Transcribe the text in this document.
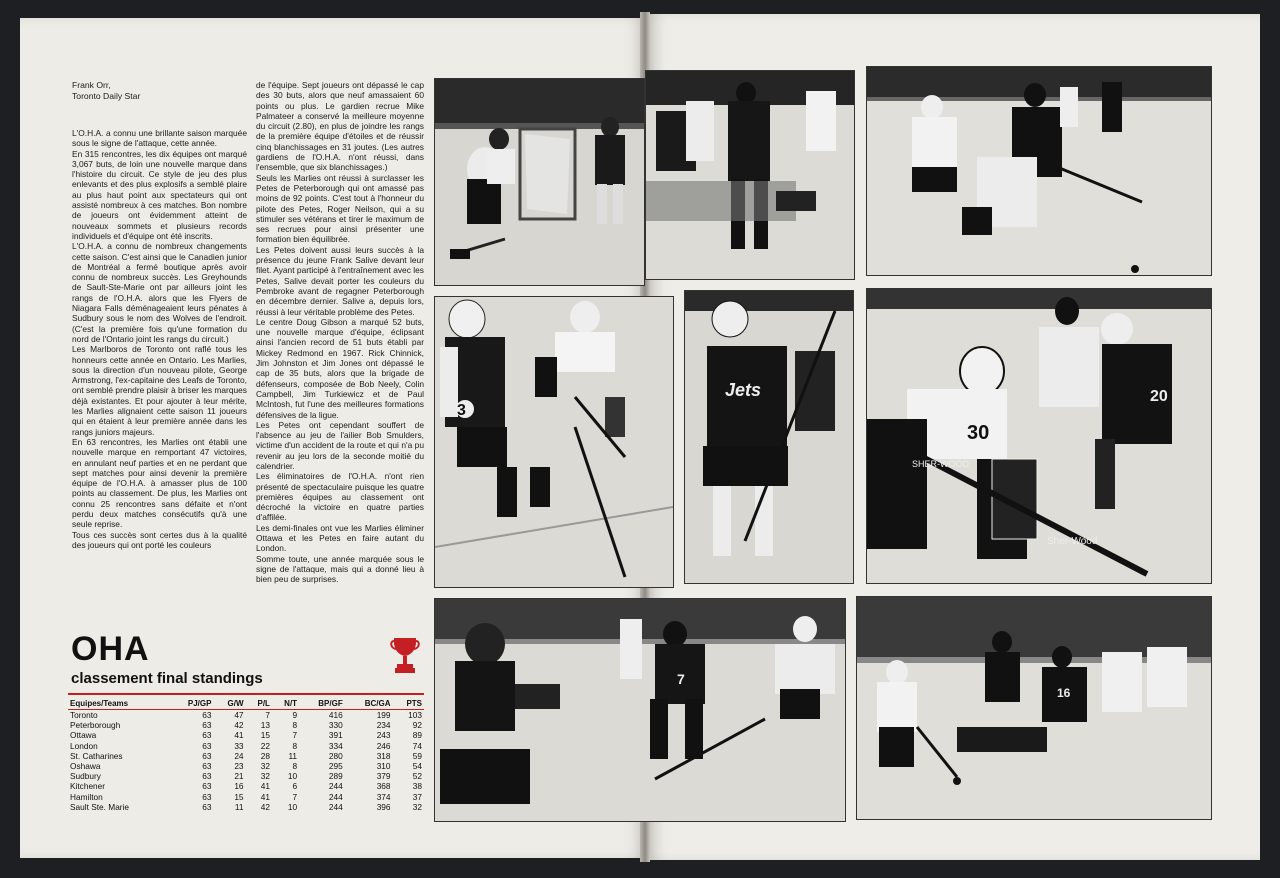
Frank Orr,
Toronto Daily Star

L'O.H.A. a connu une brillante saison marquée sous le signe de l'attaque, cette année.

En 315 rencontres, les dix équipes ont marqué 3,067 buts, de loin une nouvelle marque dans l'histoire du circuit. Ce style de jeu des plus enlevants et des plus explosifs a semblé plaire au plus haut point aux spectateurs qui ont assisté nombreux à ces matches. Bon nombre de joueurs ont évidemment atteint de nouveaux sommets et plusieurs records individuels et d'équipe ont été inscrits.

L'O.H.A. a connu de nombreux changements cette saison. C'est ainsi que le Canadien junior de Montréal a fermé boutique après avoir connu de nombreux succès. Les Greyhounds de Sault-Ste-Marie ont par ailleurs joint les rangs de l'O.H.A. alors que les Flyers de Niagara Falls déménageaient leurs pénates à Sudbury sous le nom des Wolves de l'endroit. (C'est la première fois qu'une formation du nord de l'Ontario joint les rangs du circuit.)

Les Marlboros de Toronto ont raflé tous les honneurs cette année en Ontario. Les Marlies, sous la direction d'un nouveau pilote, George Armstrong, l'ex-capitaine des Leafs de Toronto, ont semblé prendre plaisir à briser les marques déjà existantes. Et pour ajouter à leur mérite, les Marlies alignaient cette saison 11 joueurs qui en étaient à leur première année dans les rangs juniors majeurs.

En 63 rencontres, les Marlies ont établi une nouvelle marque en remportant 47 victoires, en annulant neuf parties et en ne perdant que sept matches pour ainsi devenir la première équipe de l'O.H.A. à amasser plus de 100 points au classement. De plus, les Marlies ont connu 25 rencontres sans défaite et n'ont perdu deux matches consécutifs qu'à une seule reprise.

Tous ces succès sont certes dus à la qualité des joueurs qui ont porté les couleurs

de l'équipe. Sept joueurs ont dépassé le cap des 30 buts, alors que neuf amassaient 60 points ou plus. Le gardien recrue Mike Palmateer a conservé la meilleure moyenne du circuit (2.80), en plus de joindre les rangs de la première équipe d'étoiles et de réussir cinq blanchissages en 31 joutes. (Les autres gardiens de l'O.H.A. n'ont réussi, dans l'ensemble, que six blanchissages.)

Seuls les Marlies ont réussi à surclasser les Petes de Peterborough qui ont amassé pas moins de 92 points. C'est tout à l'honneur du pilote des Petes, Roger Neilson, qui a su stimuler ses vétérans et tirer le maximum de ses recrues pour ainsi présenter une formation bien équilibrée.

Les Petes doivent aussi leurs succès à la présence du jeune Frank Salive devant leur filet. Ayant participé à l'entraînement avec les Petes, Salive devait porter les couleurs du Pembroke avant de regagner Peterborough en décembre dernier. Salive a, depuis lors, réussi à leur véritable problème des Petes.

Le centre Doug Gibson a marqué 52 buts, une nouvelle marque d'équipe, éclipsant ainsi l'ancien record de 51 buts établi par Mickey Redmond en 1967. Rick Chinnick, Jim Johnston et Jim Jones ont dépassé le cap de 35 buts, alors que la brigade de défenseurs, composée de Bob Neely, Colin Campbell, Jim Turkiewicz et de Paul McIntosh, fut l'une des meilleures formations défensives de la ligue.

Les Petes ont cependant souffert de l'absence au jeu de l'ailier Bob Smulders, victime d'un accident de la route et qui n'a pu revenir au jeu lors de la seconde moitié du calendrier.

Les éliminatoires de l'O.H.A. n'ont rien présenté de spectaculaire puisque les quatre premières équipes au classement ont décroché la victoire en quatre parties d'affilée.

Les demi-finales ont vue les Marlies éliminer Ottawa et les Petes en faire autant du London.

Somme toute, une année marquée sous le signe de l'attaque, mais qui a donné lieu à bien peu de surprises.

OHA
classement final standings
Equipes/Teams	PJ/GP	G/W	P/L	N/T	BP/GF	BC/GA	PTS
Toronto	63	47	7	9	416	199	103
Peterborough	63	42	13	8	330	234	92
Ottawa	63	41	15	7	391	243	89
London	63	33	22	8	334	246	74
St. Catharines	63	24	28	11	280	318	59
Oshawa	63	23	32	8	295	310	54
Sudbury	63	21	32	10	289	379	52
Kitchener	63	16	41	6	244	368	38
Hamilton	63	15	41	7	244	374	37
Sault Ste. Marie	63	11	42	10	244	396	32
3
Jets
30
SHER-WOOD
Sher-Wood
20
7
16
